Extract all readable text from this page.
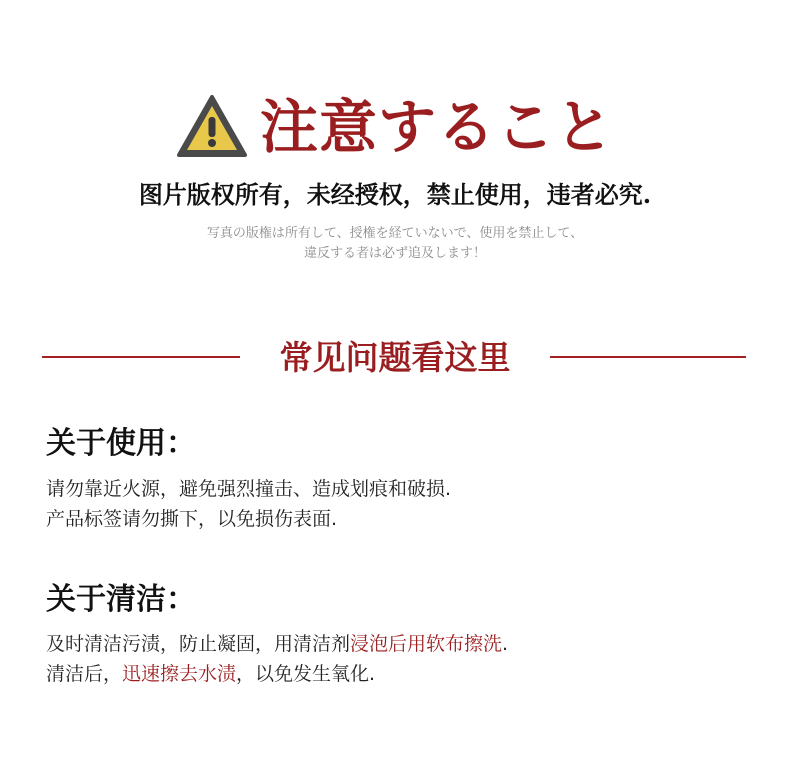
注意すること
图片版权所有，未经授权，禁止使用，违者必究.
写真の版権は所有して、授権を経ていないで、使用を禁止して、
違反する者は必ず追及します！
常见问题看这里
关于使用：
请勿靠近火源，避免强烈撞击、造成划痕和破损.
产品标签请勿撕下，以免损伤表面.
关于清洁：
及时清洁污渍，防止凝固，用清洁剂浸泡后用软布擦洗.
清洁后，迅速擦去水渍，以免发生氧化.
